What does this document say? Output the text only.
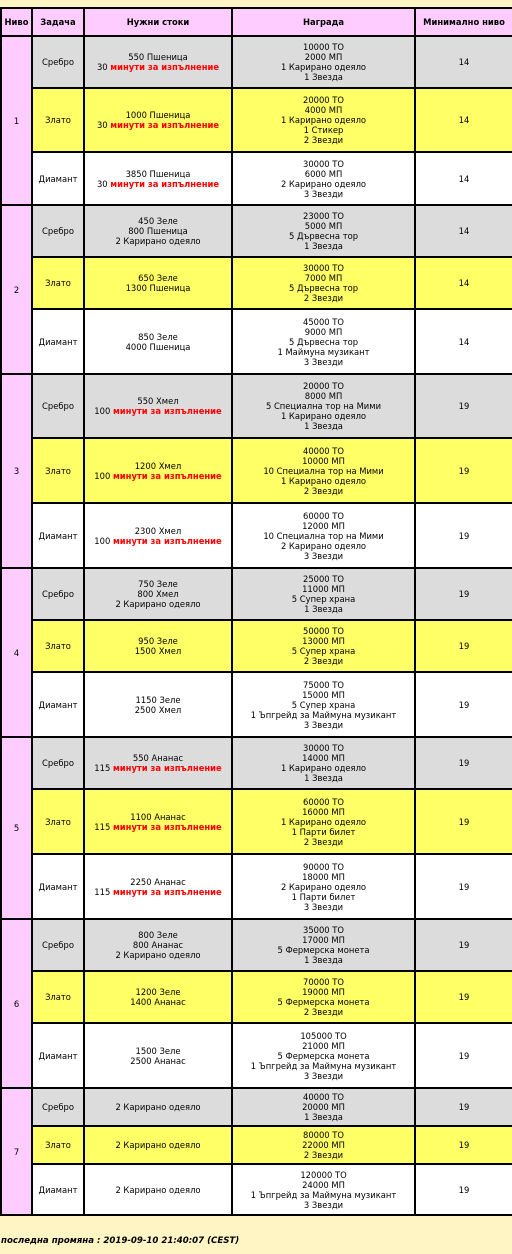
Ниво	Задача	Нужни стоки	Награда	Минимално ниво
1	Сребро	550 Пшеница
30 минути за изпълнение	10000 TO
2000 МП
1 Карирано одеяло
1 Звезда	14
	Злато	1000 Пшеница
30 минути за изпълнение	20000 TO
4000 МП
1 Карирано одеяло
1 Стикер
2 Звезди	14
	Диамант	3850 Пшеница
30 минути за изпълнение	30000 TO
6000 МП
2 Карирано одеяло
3 Звезди	14
2	Сребро	450 Зеле
800 Пшеница
2 Карирано одеяло	23000 TO
5000 МП
5 Дървесна тор
1 Звезда	14
	Злато	650 Зеле
1300 Пшеница	30000 TO
7000 МП
5 Дървесна тор
2 Звезди	14
	Диамант	850 Зеле
4000 Пшеница	45000 TO
9000 МП
5 Дървесна тор
1 Маймуна музикант
3 Звезди	14
3	Сребро	550 Хмел
100 минути за изпълнение	20000 TO
8000 МП
5 Специална тор на Мими
1 Карирано одеяло
1 Звезда	19
	Злато	1200 Хмел
100 минути за изпълнение	40000 TO
10000 МП
10 Специална тор на Мими
1 Карирано одеяло
2 Звезди	19
	Диамант	2300 Хмел
100 минути за изпълнение	60000 TO
12000 МП
10 Специална тор на Мими
2 Карирано одеяло
3 Звезди	19
4	Сребро	750 Зеле
800 Хмел
2 Карирано одеяло	25000 TO
11000 МП
5 Супер храна
1 Звезда	19
	Злато	950 Зеле
1500 Хмел	50000 TO
13000 МП
5 Супер храна
2 Звезди	19
	Диамант	1150 Зеле
2500 Хмел	75000 TO
15000 МП
5 Супер храна
1 Ъпгрейд за Маймуна музикант
3 Звезди	19
5	Сребро	550 Ананас
115 минути за изпълнение	30000 TO
14000 МП
1 Карирано одеяло
1 Звезда	19
	Злато	1100 Ананас
115 минути за изпълнение	60000 TO
16000 МП
1 Карирано одеяло
1 Парти билет
2 Звезди	19
	Диамант	2250 Ананас
115 минути за изпълнение	90000 TO
18000 МП
2 Карирано одеяло
1 Парти билет
3 Звезди	19
6	Сребро	800 Зеле
800 Ананас
2 Карирано одеяло	35000 TO
17000 МП
5 Фермерска монета
1 Звезда	19
	Злато	1200 Зеле
1400 Ананас	70000 TO
19000 МП
5 Фермерска монета
2 Звезди	19
	Диамант	1500 Зеле
2500 Ананас	105000 TO
21000 МП
5 Фермерска монета
1 Ъпгрейд за Маймуна музикант
3 Звезди	19
7	Сребро	2 Карирано одеяло	40000 TO
20000 МП
1 Звезда	19
	Злато	2 Карирано одеяло	80000 TO
22000 МП
2 Звезди	19
	Диамант	2 Карирано одеяло	120000 TO
24000 МП
1 Ъпгрейд за Маймуна музикант
3 Звезди	19
последна промяна : 2019-09-10 21:40:07 (CEST)
